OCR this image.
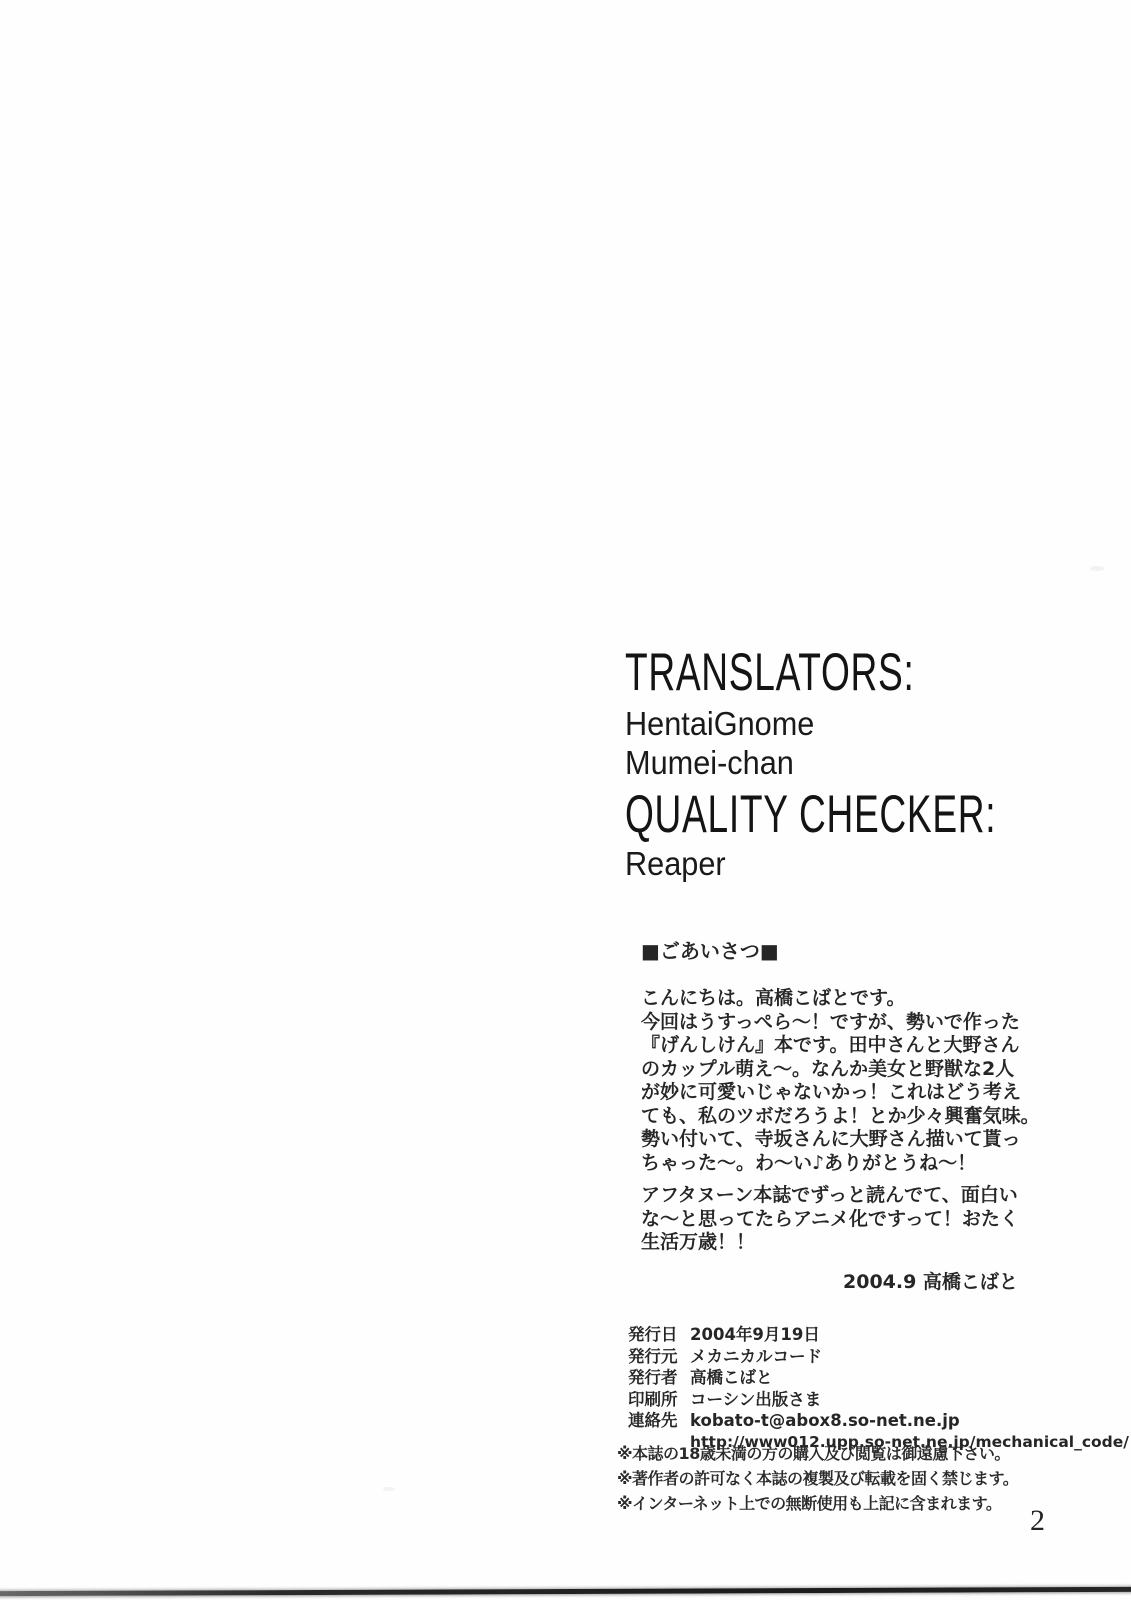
TRANSLATORS:
HentaiGnome
Mumei-chan
QUALITY CHECKER:
Reaper
■ごあいさつ■
こんにちは。高橋こばとです。
今回はうすっぺら〜！ですが、勢いで作った
『げんしけん』本です。田中さんと大野さん
のカップル萌え〜。なんか美女と野獣な2人
が妙に可愛いじゃないかっ！これはどう考え
ても、私のツボだろうよ！とか少々興奮気味。
勢い付いて、寺坂さんに大野さん描いて貰っ
ちゃった〜。わ〜い♪ありがとうね〜！
アフタヌーン本誌でずっと読んでて、面白い
な〜と思ってたらアニメ化ですって！おたく
生活万歳！！
2004.9 高橋こばと
発行日 2004年9月19日
発行元 メカニカルコード
発行者 高橋こばと
印刷所 コーシン出版さま
連絡先 kobato-t@abox8.so-net.ne.jp
http://www012.upp.so-net.ne.jp/mechanical_code/
※本誌の18歳未満の方の購入及び閲覧は御遠慮下さい。
※著作者の許可なく本誌の複製及び転載を固く禁じます。
※インターネット上での無断使用も上記に含まれます。
2
